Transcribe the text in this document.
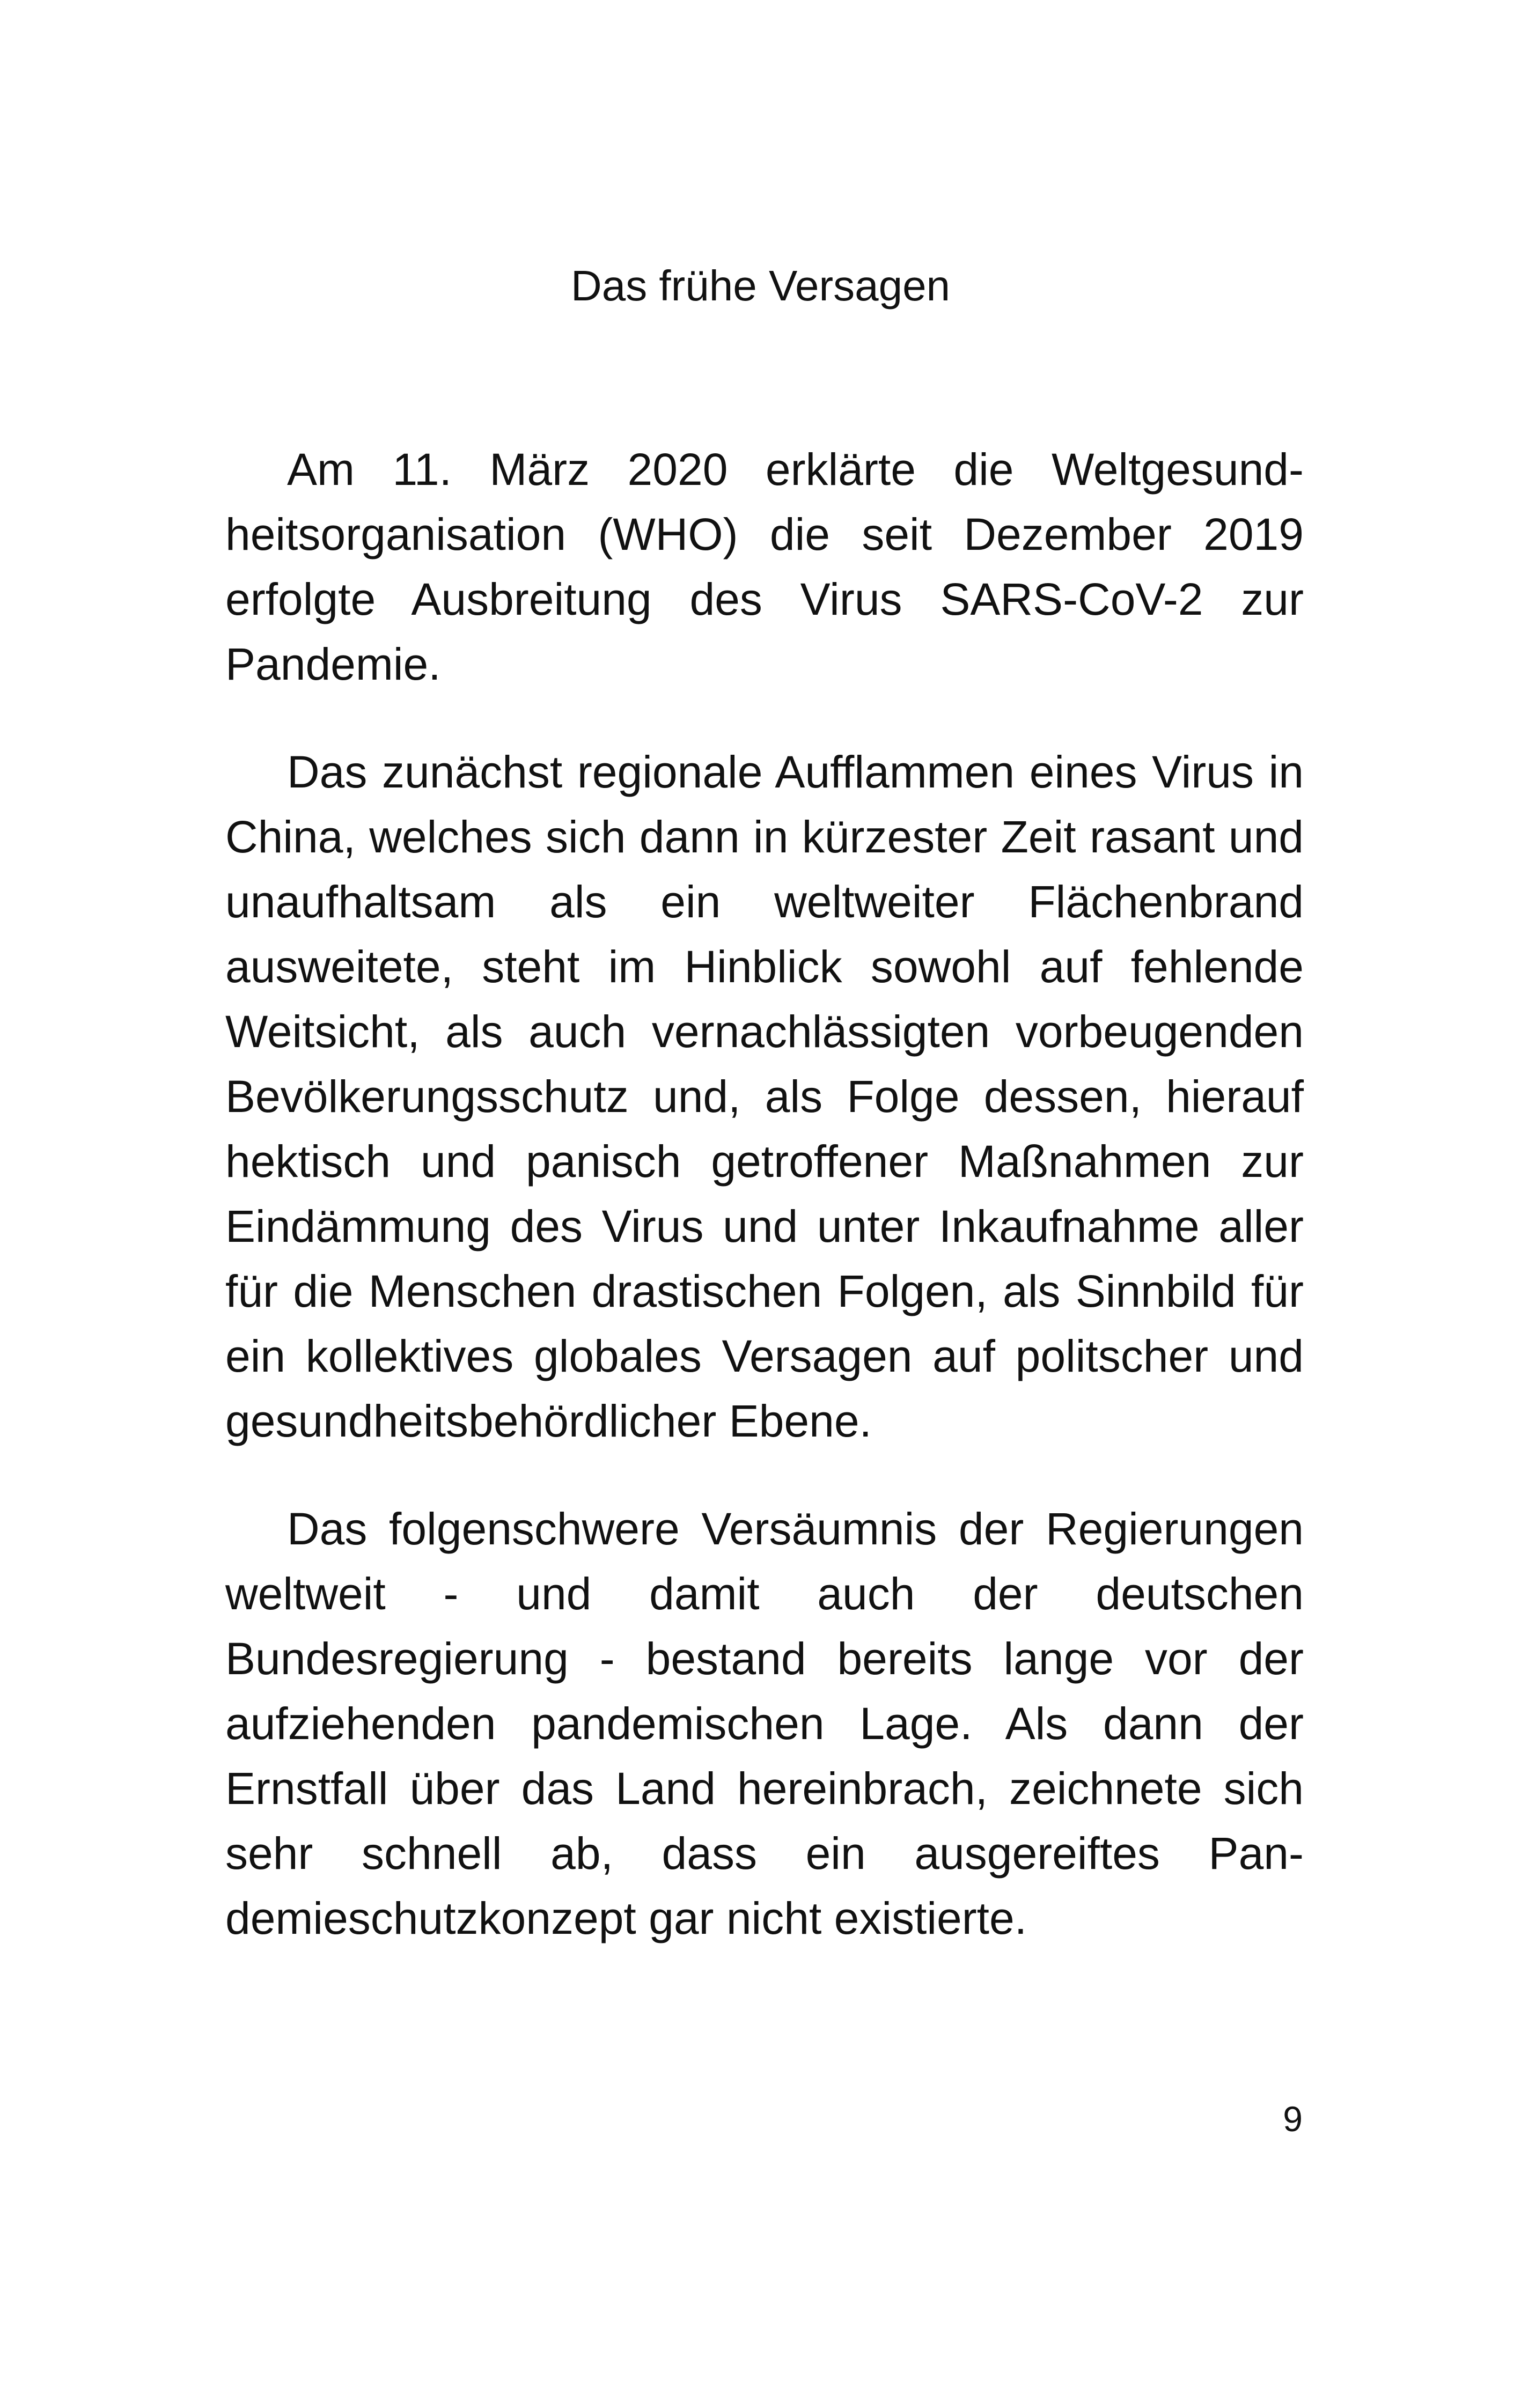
Das frühe Versagen

Am 11. März 2020 erklärte die Weltgesundheitsorganisation (WHO) die seit Dezember 2019 erfolgte Ausbreitung des Virus SARS-CoV-2 zur Pandemie.

Das zunächst regionale Aufflammen eines Virus in China, welches sich dann in kürzester Zeit rasant und unaufhaltsam als ein weltweiter Flächenbrand ausweitete, steht im Hinblick sowohl auf fehlende Weitsicht, als auch vernachlässigten vorbeugenden Bevölkerungsschutz und, als Folge dessen, hierauf hektisch und panisch getroffener Maßnahmen zur Eindämmung des Virus und unter Inkaufnahme aller für die Menschen drastischen Folgen, als Sinnbild für ein kollektives globales Versagen auf politscher und gesundheitsbehördlicher Ebene.

Das folgenschwere Versäumnis der Regierungen weltweit - und damit auch der deutschen Bundesregierung - bestand bereits lange vor der aufziehenden pandemischen Lage. Als dann der Ernstfall über das Land hereinbrach, zeichnete sich sehr schnell ab, dass ein ausgereiftes Pandemieschutzkonzept gar nicht existierte.

9
